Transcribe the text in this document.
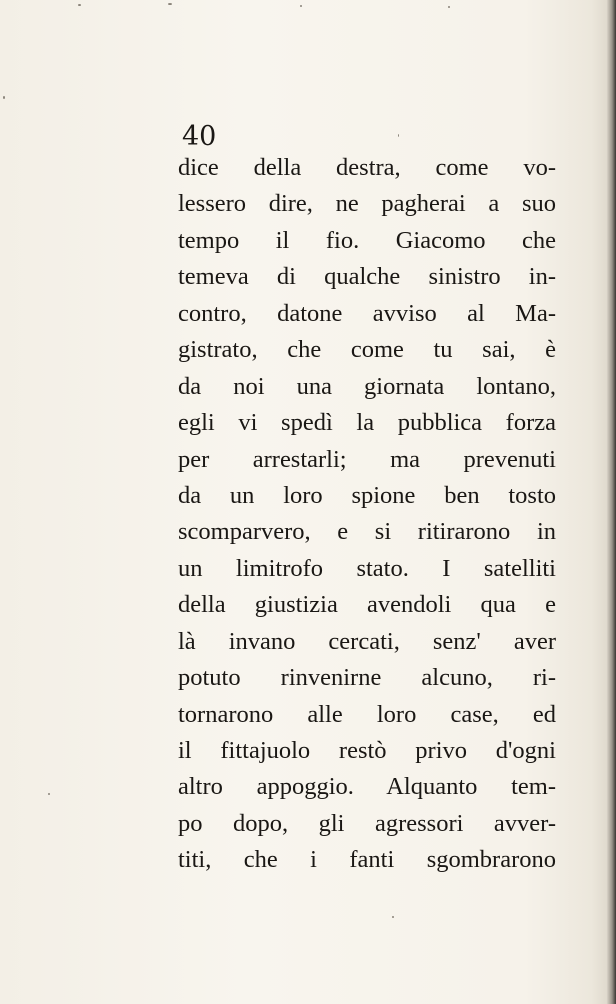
40
dice della destra, come vo-
lessero dire, ne pagherai a suo
tempo il fio. Giacomo che
temeva di qualche sinistro in-
contro, datone avviso al Ma-
gistrato, che come tu sai, è
da noi una giornata lontano,
egli vi spedì la pubblica forza
per arrestarli; ma prevenuti
da un loro spione ben tosto
scomparvero, e si ritirarono in
un limitrofo stato. I satelliti
della giustizia avendoli qua e
là invano cercati, senz' aver
potuto rinvenirne alcuno, ri-
tornarono alle loro case, ed
il fittajuolo restò privo d'ogni
altro appoggio. Alquanto tem-
po dopo, gli agressori avver-
titi, che i fanti sgombrarono
